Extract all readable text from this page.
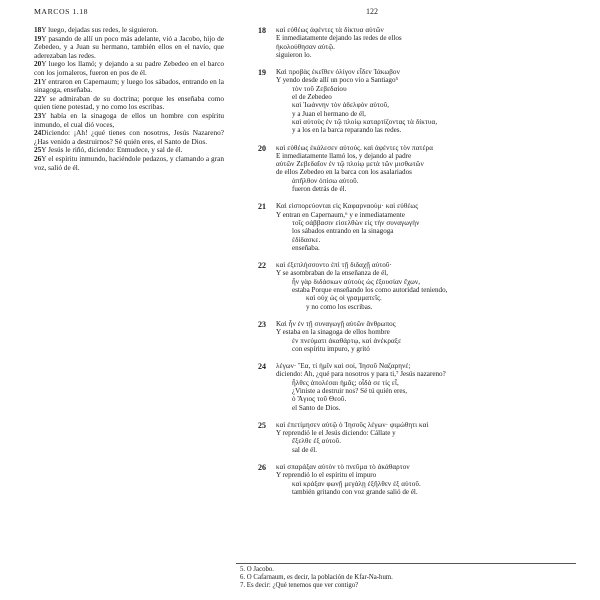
MARCOS 1.18	122

18Y luego, dejadas sus redes, le siguieron.

19Y pasando de allí un poco más adelante, vió a Jacobo, hijo de Zebedeo, y a Juan su hermano, también ellos en el navío, que aderezaban las redes.

20Y luego los llamó; y dejando a su padre Zebedeo en el barco con los jornaleros, fueron en pos de él.

21Y entraron en Capernaum; y luego los sábados, entrando en la sinagoga, enseñaba.

22Y se admiraban de su doctrina; porque les enseñaba como quien tiene potestad, y no como los escribas.

23Y había en la sinagoga de ellos un hombre con espíritu inmundo, el cual dió voces,

24Diciendo: ¡Ah! ¿qué tienes con nosotros, Jesús Nazareno? ¿Has venido a destruirnos? Sé quién eres, el Santo de Dios.

25Y Jesús le riñó, diciendo: Enmudece, y sal de él.

26Y el espíritu inmundo, haciéndole pedazos, y clamando a gran voz, salió de él.

18 καὶ εὐθέως ἀφέντες τὰ δίκτυα αὐτῶν
E inmediatamente dejando las redes de ellos
ἠκολούθησαν αὐτῷ.
siguieron lo.
19 Καὶ προβὰς ἐκεῖθεν ὀλίγον εἶδεν Ἰάκωβον
Y yendo desde allí un poco vio a Santiago⁵
τὸν τοῦ Ζεβεδαίου
el de Zebedeo
καὶ Ἰωάννην τὸν ἀδελφὸν αὐτοῦ,
y a Juan el hermano de él,
καὶ αὐτοὺς ἐν τῷ πλοίῳ καταρτίζοντας τὰ δίκτυα,
y a los en la barca reparando las redes.
20 καὶ εὐθέως ἐκάλεσεν αὐτούς. καὶ ἀφέντες τὸν πατέρα
E inmediatamente llamó los, y dejando al padre
αὐτῶν Ζεβεδαῖον ἐν τῷ πλοίῳ μετὰ τῶν μισθωτῶν
de ellos Zebedeo en la barca con los asalariados
ἀπῆλθον ὀπίσω αὐτοῦ.
fueron detrás de él.
21 Καὶ εἰσπορεύονται εἰς Καφαρναούμ· καὶ εὐθέως
Y entran en Capernaum,⁶ y e inmediatamente
τοῖς σάββασιν εἰσελθὼν εἰς τὴν συναγωγὴν
los sábados entrando en la sinagoga
ἐδίδασκε.
enseñaba.
22 καὶ ἐξεπλήσσοντο ἐπὶ τῇ διδαχῇ αὐτοῦ·
Y se asombraban de la enseñanza de él,
ἦν γὰρ διδάσκων αὐτοὺς ὡς ἐξουσίαν ἔχων,
estaba Porque enseñando los como autoridad teniendo,
καὶ οὐχ ὡς οἱ γραμματεῖς.
y no como los escribas.
23 Καὶ ἦν ἐν τῇ συναγωγῇ αὐτῶν ἄνθρωπος
Y estaba en la sinagoga de ellos hombre
ἐν πνεύματι ἀκαθάρτῳ, καὶ ἀνέκραξε
con espíritu impuro, y gritó
24 λέγων· Ἔα, τί ἡμῖν καὶ σοί, Ἰησοῦ Ναζαρηνέ;
diciendo: Ah, ¿qué para nosotros y para ti,⁷ Jesús nazareno?
ἦλθες ἀπολέσαι ἡμᾶς; οἶδά σε τίς εἶ,
¿Viniste a destruir nos? Sé tú quién eres,
ὁ Ἅγιος τοῦ Θεοῦ.
el Santo de Dios.
25 καὶ ἐπετίμησεν αὐτῷ ὁ Ἰησοῦς λέγων· φιμώθητι καὶ
Y reprendió le el Jesús diciendo: Cállate y
ἔξελθε ἐξ αὐτοῦ.
sal de él.
26 καὶ σπαράξαν αὐτὸν τὸ πνεῦμα τὸ ἀκάθαρτον
Y reprendió lo el espíritu el impuro
καὶ κράξαν φωνῇ μεγάλῃ ἐξῆλθεν ἐξ αὐτοῦ.
también gritando con voz grande salió de él.
5. O Jacobo.
6. O Cafarnaum, es decir, la población de Kfar-Na-hum.
7. Es decir: ¿Qué tenemos que ver contigo?
